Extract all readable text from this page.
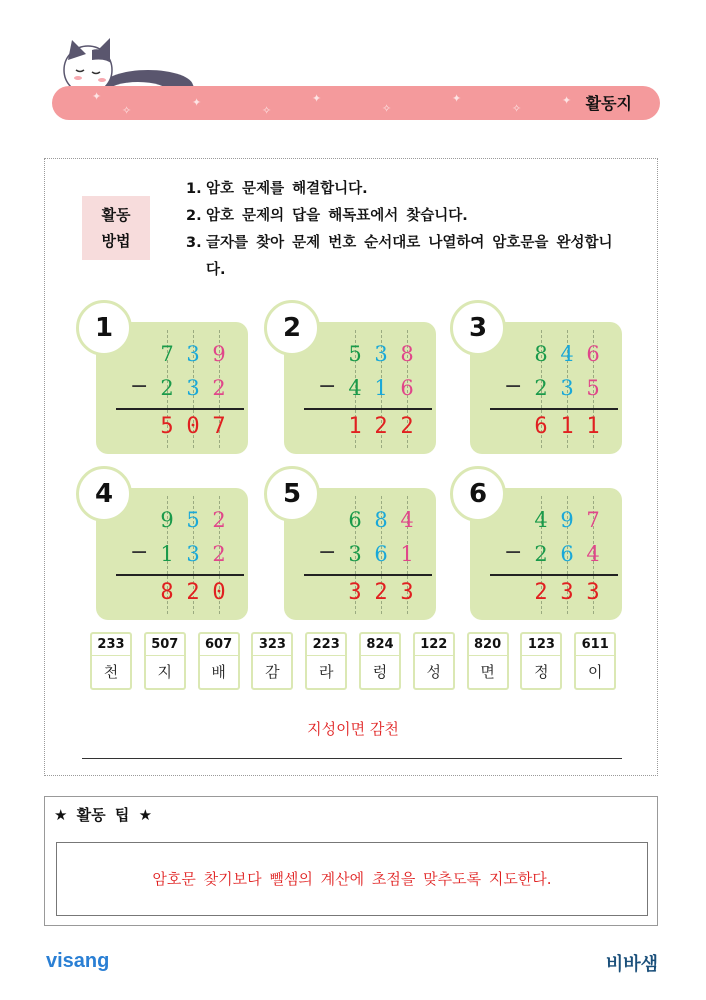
✦
✧
✦
✧
✦
✧
✦
✧
✦ 활동지
활동
방법
1. 암호 문제를 해결합니다.
2. 암호 문제의 답을 해독표에서 찾습니다.
3. 글자를 찾아 문제 번호 순서대로 나열하여 암호문을 완성합니다.
7 3 9
2 3 2
−
5 0 7
1
5 3 8
4 1 6
−
1 2 2
2
8 4 6
2 3 5
−
6 1 1
3
9 5 2
1 3 2
−
8 2 0
4
6 8 4
3 6 1
−
3 2 3
5
4 9 7
2 6 4
−
2 3 3
6
233
천
507
지
607
배
323
감
223
라
824
렁
122
성
820
면
123
정
611
이
지성이면 감천
★ 활동 팁 ★
암호문 찾기보다 뺄셈의 계산에 초점을 맞추도록 지도한다.
visang	비바샘
